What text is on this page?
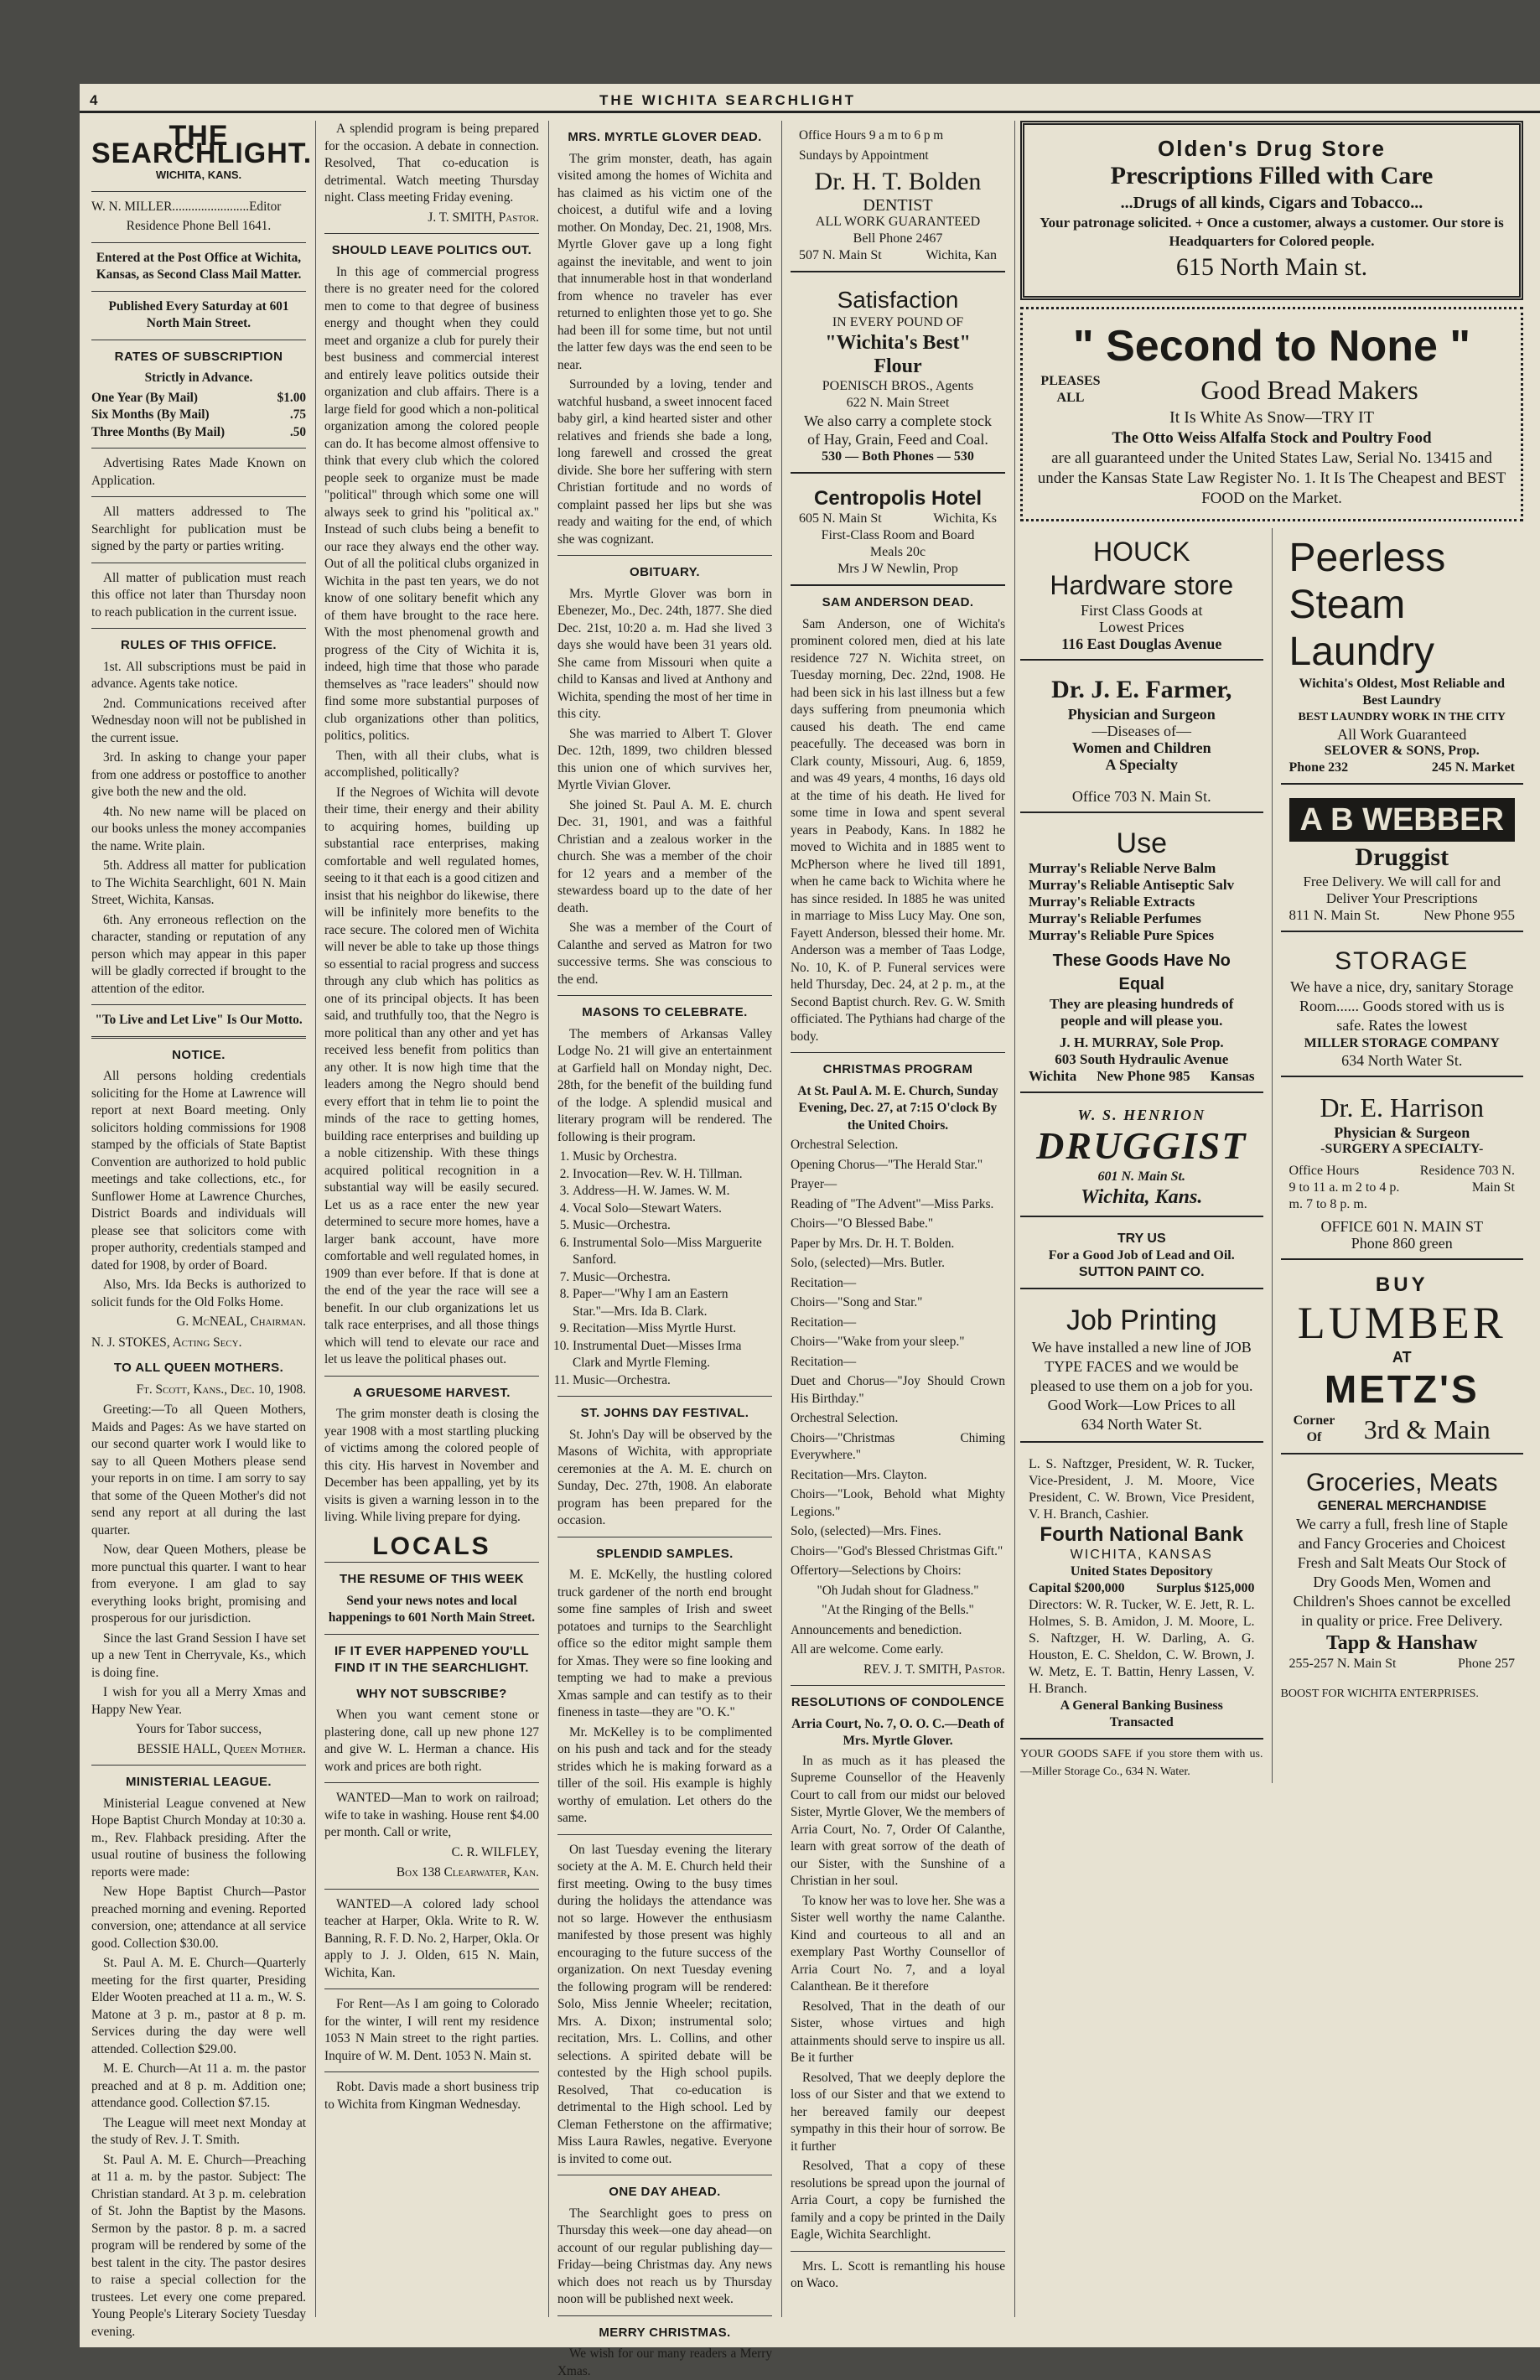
4	THE WICHITA SEARCHLIGHT
THE SEARCHLIGHT.

WICHITA, KANS.

W. N. MILLER........................Editor

Residence Phone Bell 1641.

Entered at the Post Office at Wichita, Kansas, as Second Class Mail Matter.

Published Every Saturday at 601 North Main Street.

RATES OF SUBSCRIPTION

Strictly in Advance.

One Year (By Mail)	$1.00
Six Months (By Mail)	.75
Three Months (By Mail)	.50

Advertising Rates Made Known on Application.

All matters addressed to The Searchlight for publication must be signed by the party or parties writing.

All matter of publication must reach this office not later than Thursday noon to reach publication in the current issue.

RULES OF THIS OFFICE.

1st. All subscriptions must be paid in advance. Agents take notice.

2nd. Communications received after Wednesday noon will not be published in the current issue.

3rd. In asking to change your paper from one address or postoffice to another give both the new and the old.

4th. No new name will be placed on our books unless the money accompanies the name. Write plain.

5th. Address all matter for publication to The Wichita Searchlight, 601 N. Main Street, Wichita, Kansas.

6th. Any erroneous reflection on the character, standing or reputation of any person which may appear in this paper will be gladly corrected if brought to the attention of the editor.

"To Live and Let Live" Is Our Motto.

NOTICE.

All persons holding credentials soliciting for the Home at Lawrence will report at next Board meeting. Only solicitors holding commissions for 1908 stamped by the officials of State Baptist Convention are authorized to hold public meetings and take collections, etc., for Sunflower Home at Lawrence Churches, District Boards and individuals will please see that solicitors come with proper authority, credentials stamped and dated for 1908, by order of Board.

Also, Mrs. Ida Becks is authorized to solicit funds for the Old Folks Home.

G. McNEAL, Chairman.

N. J. STOKES, Acting Secy.

TO ALL QUEEN MOTHERS.

Ft. Scott, Kans., Dec. 10, 1908.

Greeting:—To all Queen Mothers, Maids and Pages: As we have started on our second quarter work I would like to say to all Queen Mothers please send your reports in on time. I am sorry to say that some of the Queen Mother's did not send any report at all during the last quarter.

Now, dear Queen Mothers, please be more punctual this quarter. I want to hear from everyone. I am glad to say everything looks bright, promising and prosperous for our jurisdiction.

Since the last Grand Session I have set up a new Tent in Cherryvale, Ks., which is doing fine.

I wish for you all a Merry Xmas and Happy New Year.

Yours for Tabor success,

BESSIE HALL, Queen Mother.

MINISTERIAL LEAGUE.

Ministerial League convened at New Hope Baptist Church Monday at 10:30 a. m., Rev. Flahback presiding. After the usual routine of business the following reports were made:

New Hope Baptist Church—Pastor preached morning and evening. Reported conversion, one; attendance at all service good. Collection $30.00.

St. Paul A. M. E. Church—Quarterly meeting for the first quarter, Presiding Elder Wooten preached at 11 a. m., W. S. Matone at 3 p. m., pastor at 8 p. m. Services during the day were well attended. Collection $29.00.

M. E. Church—At 11 a. m. the pastor preached and at 8 p. m. Addition one; attendance good. Collection $7.15.

The League will meet next Monday at the study of Rev. J. T. Smith.

St. Paul A. M. E. Church—Preaching at 11 a. m. by the pastor. Subject: The Christian standard. At 3 p. m. celebration of St. John the Baptist by the Masons. Sermon by the pastor. 8 p. m. a sacred program will be rendered by some of the best talent in the city. The pastor desires to raise a special collection for the trustees. Let every one come prepared. Young People's Literary Society Tuesday evening.

A splendid program is being prepared for the occasion. A debate in connection. Resolved, That co-education is detrimental. Watch meeting Thursday night. Class meeting Friday evening.

J. T. SMITH, Pastor.

SHOULD LEAVE POLITICS OUT.

In this age of commercial progress there is no greater need for the colored men to come to that degree of business energy and thought when they could meet and organize a club for purely their best business and commercial interest and entirely leave politics outside their organization and club affairs. There is a large field for good which a non-political organization among the colored people can do. It has become almost offensive to think that every club which the colored people seek to organize must be made "political" through which some one will always seek to grind his "political ax." Instead of such clubs being a benefit to our race they always end the other way. Out of all the political clubs organized in Wichita in the past ten years, we do not know of one solitary benefit which any of them have brought to the race here. With the most phenomenal growth and progress of the City of Wichita it is, indeed, high time that those who parade themselves as "race leaders" should now find some more substantial purposes of club organizations other than politics, politics, politics.

Then, with all their clubs, what is accomplished, politically?

If the Negroes of Wichita will devote their time, their energy and their ability to acquiring homes, building up substantial race enterprises, making comfortable and well regulated homes, seeing to it that each is a good citizen and insist that his neighbor do likewise, there will be infinitely more benefits to the race secure. The colored men of Wichita will never be able to take up those things so essential to racial progress and success through any club which has politics as one of its principal objects. It has been said, and truthfully too, that the Negro is more political than any other and yet has received less benefit from politics than any other. It is now high time that the leaders among the Negro should bend every effort that in tehm lie to point the minds of the race to getting homes, building race enterprises and building up a noble citizenship. With these things acquired political recognition in a substantial way will be easily secured. Let us as a race enter the new year determined to secure more homes, have a larger bank account, have more comfortable and well regulated homes, in 1909 than ever before. If that is done at the end of the year the race will see a benefit. In our club organizations let us talk race enterprises, and all those things which will tend to elevate our race and let us leave the political phases out.

A GRUESOME HARVEST.

The grim monster death is closing the year 1908 with a most startling plucking of victims among the colored people of this city. His harvest in November and December has been appalling, yet by its visits is given a warning lesson in to the living. While living prepare for dying.

LOCALS
THE RESUME OF THIS WEEK

Send your news notes and local happenings to 601 North Main Street.

IF IT EVER HAPPENED YOU'LL FIND IT IN THE SEARCHLIGHT.
WHY NOT SUBSCRIBE?

When you want cement stone or plastering done, call up new phone 127 and give W. L. Herman a chance. His work and prices are both right.

WANTED—Man to work on railroad; wife to take in washing. House rent $4.00 per month. Call or write,

C. R. WILFLEY,

Box 138 Clearwater, Kan.

WANTED—A colored lady school teacher at Harper, Okla. Write to R. W. Banning, R. F. D. No. 2, Harper, Okla. Or apply to J. J. Olden, 615 N. Main, Wichita, Kan.

For Rent—As I am going to Colorado for the winter, I will rent my residence 1053 N Main street to the right parties. Inquire of W. M. Dent. 1053 N. Main st.

Robt. Davis made a short business trip to Wichita from Kingman Wednesday.

MRS. MYRTLE GLOVER DEAD.

The grim monster, death, has again visited among the homes of Wichita and has claimed as his victim one of the choicest, a dutiful wife and a loving mother. On Monday, Dec. 21, 1908, Mrs. Myrtle Glover gave up a long fight against the inevitable, and went to join that innumerable host in that wonderland from whence no traveler has ever returned to enlighten those yet to go. She had been ill for some time, but not until the latter few days was the end seen to be near.

Surrounded by a loving, tender and watchful husband, a sweet innocent faced baby girl, a kind hearted sister and other relatives and friends she bade a long, long farewell and crossed the great divide. She bore her suffering with stern Christian fortitude and no words of complaint passed her lips but she was ready and waiting for the end, of which she was cognizant.

OBITUARY.

Mrs. Myrtle Glover was born in Ebenezer, Mo., Dec. 24th, 1877. She died Dec. 21st, 10:20 a. m. Had she lived 3 days she would have been 31 years old. She came from Missouri when quite a child to Kansas and lived at Anthony and Wichita, spending the most of her time in this city.

She was married to Albert T. Glover Dec. 12th, 1899, two children blessed this union one of which survives her, Myrtle Vivian Glover.

She joined St. Paul A. M. E. church Dec. 31, 1901, and was a faithful Christian and a zealous worker in the church. She was a member of the choir for 12 years and a member of the stewardess board up to the date of her death.

She was a member of the Court of Calanthe and served as Matron for two successive terms. She was conscious to the end.

MASONS TO CELEBRATE.

The members of Arkansas Valley Lodge No. 21 will give an entertainment at Garfield hall on Monday night, Dec. 28th, for the benefit of the building fund of the lodge. A splendid musical and literary program will be rendered. The following is their program.

1. Music by Orchestra.
2. Invocation—Rev. W. H. Tillman.
3. Address—H. W. James. W. M.
4. Vocal Solo—Stewart Waters.
5. Music—Orchestra.
6. Instrumental Solo—Miss Marguerite Sanford.
7. Music—Orchestra.
8. Paper—"Why I am an Eastern Star."—Mrs. Ida B. Clark.
9. Recitation—Miss Myrtle Hurst.
10. Instrumental Duet—Misses Irma Clark and Myrtle Fleming.
11. Music—Orchestra.
ST. JOHNS DAY FESTIVAL.

St. John's Day will be observed by the Masons of Wichita, with appropriate ceremonies at the A. M. E. church on Sunday, Dec. 27th, 1908. An elaborate program has been prepared for the occasion.

SPLENDID SAMPLES.

M. E. McKelly, the hustling colored truck gardener of the north end brought some fine samples of Irish and sweet potatoes and turnips to the Searchlight office so the editor might sample them for Xmas. They were so fine looking and tempting we had to make a previous Xmas sample and can testify as to their fineness in taste—they are "O. K."

Mr. McKelley is to be complimented on his push and tack and for the steady strides which he is making forward as a tiller of the soil. His example is highly worthy of emulation. Let others do the same.

On last Tuesday evening the literary society at the A. M. E. Church held their first meeting. Owing to the busy times during the holidays the attendance was not so large. However the enthusiasm manifested by those present was highly encouraging to the future success of the organization. On next Tuesday evening the following program will be rendered: Solo, Miss Jennie Wheeler; recitation, Mrs. A. Dixon; instrumental solo; recitation, Mrs. L. Collins, and other selections. A spirited debate will be contested by the High school pupils. Resolved, That co-education is detrimental to the High school. Led by Cleman Fetherstone on the affirmative; Miss Laura Rawles, negative. Everyone is invited to come out.

ONE DAY AHEAD.

The Searchlight goes to press on Thursday this week—one day ahead—on account of our regular publishing day—Friday—being Christmas day. Any news which does not reach us by Thursday noon will be published next week.

MERRY CHRISTMAS.

We wish for our many readers a Merry Xmas.

Office Hours 9 a m to 6 p m

Sundays by Appointment

Dr. H. T. Bolden
DENTIST
ALL WORK GUARANTEED
Bell Phone 2467
507 N. Main St	Wichita, Kan
Satisfaction
IN EVERY POUND OF
"Wichita's Best" Flour
POENISCH BROS., Agents
622 N. Main Street
We also carry a complete stock of Hay, Grain, Feed and Coal.
530 — Both Phones — 530
Centropolis Hotel
605 N. Main St	Wichita, Ks
First-Class Room and Board
Meals 20c
Mrs J W Newlin, Prop
SAM ANDERSON DEAD.

Sam Anderson, one of Wichita's prominent colored men, died at his late residence 727 N. Wichita street, on Tuesday morning, Dec. 22nd, 1908. He had been sick in his last illness but a few days suffering from pneumonia which caused his death. The end came peacefully. The deceased was born in Clark county, Missouri, Aug. 6, 1859, and was 49 years, 4 months, 16 days old at the time of his death. He lived for some time in Iowa and spent several years in Peabody, Kans. In 1882 he moved to Wichita and in 1885 went to McPherson where he lived till 1891, when he came back to Wichita where he has since resided. In 1885 he was united in marriage to Miss Lucy May. One son, Fayett Anderson, blessed their home. Mr. Anderson was a member of Taas Lodge, No. 10, K. of P. Funeral services were held Thursday, Dec. 24, at 2 p. m., at the Second Baptist church. Rev. G. W. Smith officiated. The Pythians had charge of the body.

CHRISTMAS PROGRAM

At St. Paul A. M. E. Church, Sunday Evening, Dec. 27, at 7:15 O'clock By the United Choirs.

Orchestral Selection.

Opening Chorus—"The Herald Star."

Prayer—

Reading of "The Advent"—Miss Parks.

Choirs—"O Blessed Babe."

Paper by Mrs. Dr. H. T. Bolden.

Solo, (selected)—Mrs. Butler.

Recitation—

Choirs—"Song and Star."

Recitation—

Choirs—"Wake from your sleep."

Recitation—

Duet and Chorus—"Joy Should Crown His Birthday."

Orchestral Selection.

Choirs—"Christmas Chiming Everywhere."

Recitation—Mrs. Clayton.

Choirs—"Look, Behold what Mighty Legions."

Solo, (selected)—Mrs. Fines.

Choirs—"God's Blessed Christmas Gift."

Offertory—Selections by Choirs:

"Oh Judah shout for Gladness."

"At the Ringing of the Bells."

Announcements and benediction.

All are welcome. Come early.

REV. J. T. SMITH, Pastor.

RESOLUTIONS OF CONDOLENCE

Arria Court, No. 7, O. O. C.—Death of Mrs. Myrtle Glover.

In as much as it has pleased the Supreme Counsellor of the Heavenly Court to call from our midst our beloved Sister, Myrtle Glover, We the members of Arria Court, No. 7, Order Of Calanthe, learn with great sorrow of the death of our Sister, with the Sunshine of a Christian in her soul.

To know her was to love her. She was a Sister well worthy the name Calanthe. Kind and courteous to all and an exemplary Past Worthy Counsellor of Arria Court No. 7, and a loyal Calanthean. Be it therefore

Resolved, That in the death of our Sister, whose virtues and high attainments should serve to inspire us all. Be it further

Resolved, That we deeply deplore the loss of our Sister and that we extend to her bereaved family our deepest sympathy in this their hour of sorrow. Be it further

Resolved, That a copy of these resolutions be spread upon the journal of Arria Court, a copy be furnished the family and a copy be printed in the Daily Eagle, Wichita Searchlight.

Mrs. L. Scott is remantling his house on Waco.

Olden's Drug Store
Prescriptions Filled with Care
...Drugs of all kinds, Cigars and Tobacco...
Your patronage solicited. + Once a customer, always a customer. Our store is Headquarters for Colored people.
615 North Main st.
" Second to None "
PLEASES ALL	Good Bread Makers
It Is White As Snow—TRY IT
The Otto Weiss Alfalfa Stock and Poultry Food
are all guaranteed under the United States Law, Serial No. 13415 and under the Kansas State Law Register No. 1. It Is The Cheapest and BEST FOOD on the Market.
HOUCK
Hardware store
First Class Goods at
Lowest Prices
116 East Douglas Avenue
Dr. J. E. Farmer,
Physician and Surgeon
—Diseases of—
Women and Children
A Specialty
Office 703 N. Main St.
Use
Murray's Reliable Nerve Balm
Murray's Reliable Antiseptic Salv
Murray's Reliable Extracts
Murray's Reliable Perfumes
Murray's Reliable Pure Spices
These Goods Have No Equal
They are pleasing hundreds of people and will please you.
J. H. MURRAY, Sole Prop.
603 South Hydraulic Avenue
Wichita New Phone 985 Kansas
W. S. HENRION
DRUGGIST
601 N. Main St.
Wichita, Kans.
TRY US
For a Good Job of Lead and Oil.
SUTTON PAINT CO.
Job Printing
We have installed a new line of JOB TYPE FACES and we would be pleased to use them on a job for you.
Good Work—Low Prices to all
634 North Water St.
L. S. Naftzger, President, W. R. Tucker, Vice-President, J. M. Moore, Vice President, C. W. Brown, Vice President, V. H. Branch, Cashier.
Fourth National Bank
WICHITA, KANSAS
United States Depository
Capital $200,000 Surplus $125,000
Directors: W. R. Tucker, W. E. Jett, R. L. Holmes, S. B. Amidon, J. M. Moore, L. S. Naftzger, H. W. Darling, A. G. Houston, E. C. Sheldon, C. W. Brown, J. W. Metz, E. T. Battin, Henry Lassen, V. H. Branch.
A General Banking Business Transacted

YOUR GOODS SAFE if you store them with us.—Miller Storage Co., 634 N. Water.

Peerless
Steam
Laundry
Wichita's Oldest, Most Reliable and Best Laundry
BEST LAUNDRY WORK IN THE CITY
All Work Guaranteed
SELOVER & SONS, Prop.
Phone 232	245 N. Market
A B WEBBER
Druggist
Free Delivery. We will call for and Deliver Your Prescriptions
811 N. Main St.	New Phone 955
STORAGE
We have a nice, dry, sanitary Storage Room...... Goods stored with us is safe. Rates the lowest
MILLER STORAGE COMPANY
634 North Water St.
Dr. E. Harrison
Physician & Surgeon
-SURGERY A SPECIALTY-
Office Hours
9 to 11 a. m 2 to 4 p. m. 7 to 8 p. m.
Residence 703 N. Main St
OFFICE 601 N. MAIN ST
Phone 860 green
BUY
LUMBER
AT
METZ'S
Corner Of	3rd & Main
Groceries, Meats
GENERAL MERCHANDISE
We carry a full, fresh line of Staple and Fancy Groceries and Choicest Fresh and Salt Meats Our Stock of Dry Goods Men, Women and Children's Shoes cannot be excelled in quality or price. Free Delivery.
Tapp & Hanshaw
255-257 N. Main St	Phone 257

BOOST FOR WICHITA ENTERPRISES.
